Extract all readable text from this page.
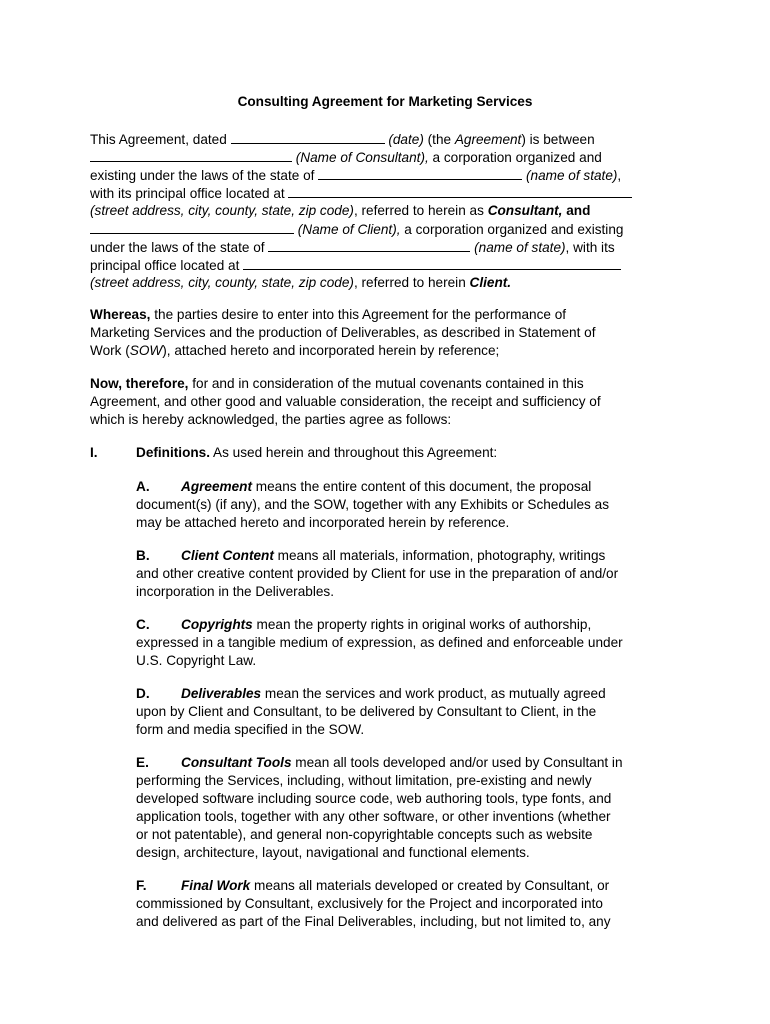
Consulting Agreement for Marketing Services
This Agreement, dated	(date) (the Agreement) is between
(Name of Consultant), a corporation organized and
existing under the laws of the state of	(name of state),
with its principal office located at
(street address, city, county, state, zip code), referred to herein as Consultant, and
(Name of Client), a corporation organized and existing
under the laws of the state of	(name of state), with its
principal office located at
(street address, city, county, state, zip code), referred to herein Client.
Whereas, the parties desire to enter into this Agreement for the performance of
Marketing Services and the production of Deliverables, as described in Statement of
Work (SOW), attached hereto and incorporated herein by reference;
Now, therefore, for and in consideration of the mutual covenants contained in this
Agreement, and other good and valuable consideration, the receipt and sufficiency of
which is hereby acknowledged, the parties agree as follows:
I.	Definitions. As used herein and throughout this Agreement:
A. Agreement means the entire content of this document, the proposal
document(s) (if any), and the SOW, together with any Exhibits or Schedules as
may be attached hereto and incorporated herein by reference.
B. Client Content means all materials, information, photography, writings
and other creative content provided by Client for use in the preparation of and/or
incorporation in the Deliverables.
C. Copyrights mean the property rights in original works of authorship,
expressed in a tangible medium of expression, as defined and enforceable under
U.S. Copyright Law.
D. Deliverables mean the services and work product, as mutually agreed
upon by Client and Consultant, to be delivered by Consultant to Client, in the
form and media specified in the SOW.
E. Consultant Tools mean all tools developed and/or used by Consultant in
performing the Services, including, without limitation, pre-existing and newly
developed software including source code, web authoring tools, type fonts, and
application tools, together with any other software, or other inventions (whether
or not patentable), and general non-copyrightable concepts such as website
design, architecture, layout, navigational and functional elements.
F.	Final Work means all materials developed or created by Consultant, or
commissioned by Consultant, exclusively for the Project and incorporated into
and delivered as part of the Final Deliverables, including, but not limited to, any
